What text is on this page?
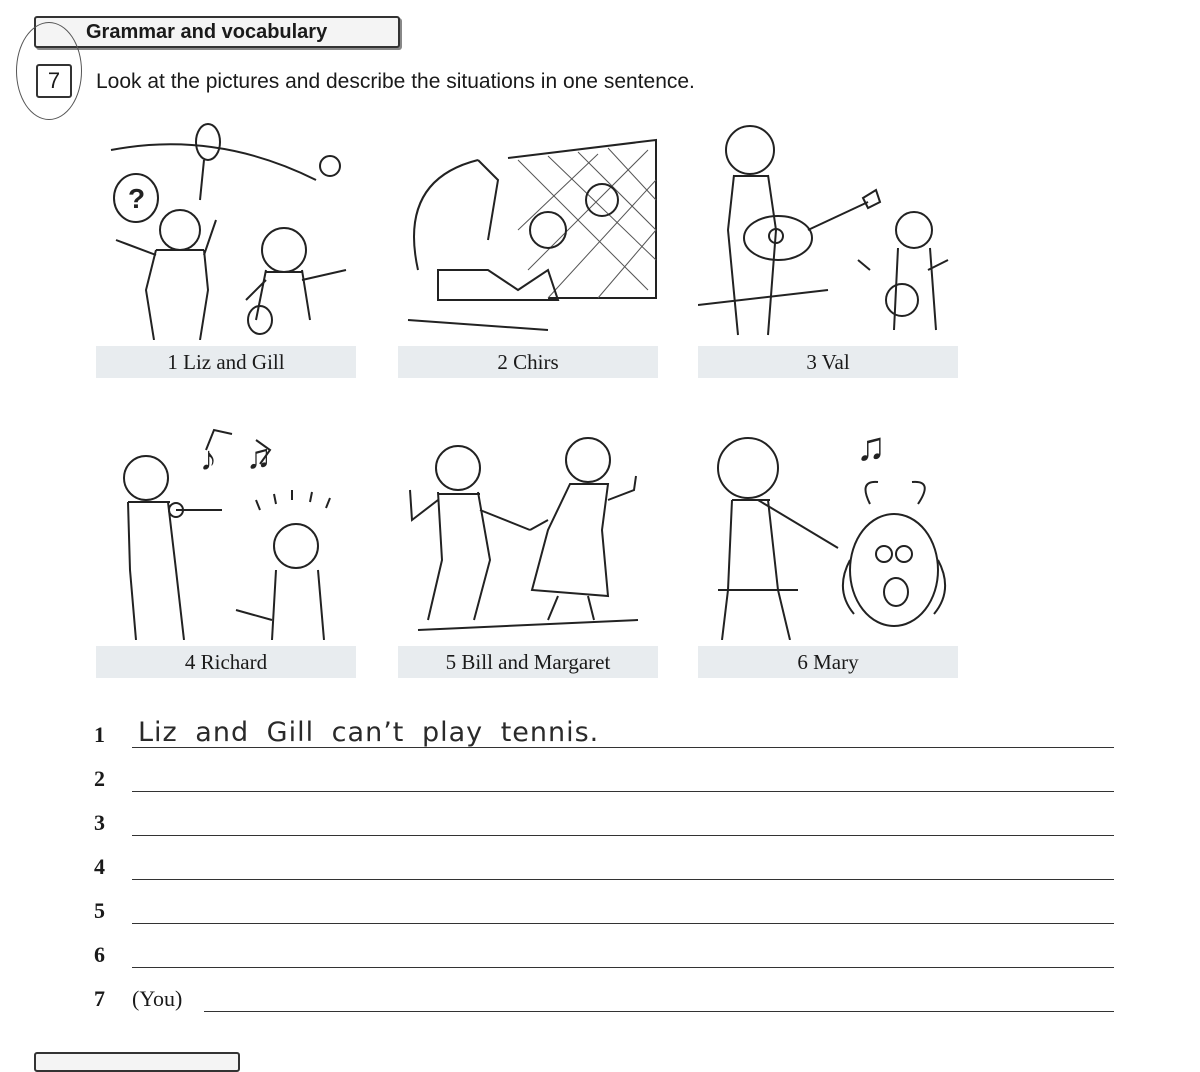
Grammar and vocabulary
7	Look at the pictures and describe the situations in one sentence.
?
1 Liz and Gill	2 Chirs	3 Val
♪ ♫
4 Richard	5 Bill and Margaret
♫
6 Mary
1 Liz and Gill can’t play tennis.
2
3
4
5
6
7 (You)
